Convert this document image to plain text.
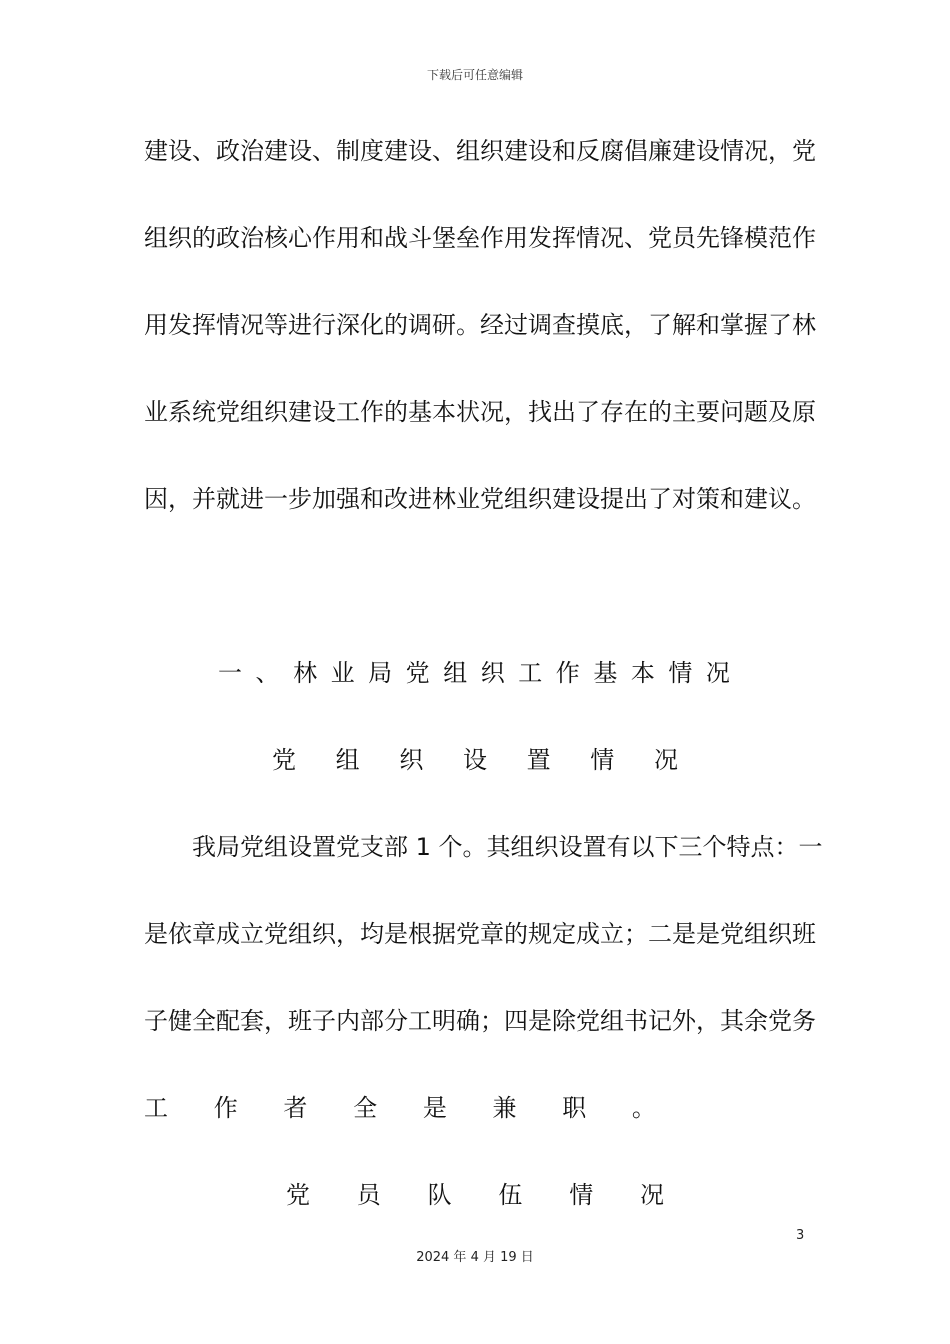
下载后可任意编辑
建设、政治建设、制度建设、组织建设和反腐倡廉建设情况，党
组织的政治核心作用和战斗堡垒作用发挥情况、党员先锋模范作
用发挥情况等进行深化的调研。经过调查摸底，了解和掌握了林
业系统党组织建设工作的基本状况，找出了存在的主要问题及原
因，并就进一步加强和改进林业党组织建设提出了对策和建议。
一 、 林 业 局 党 组 织 工 作 基 本 情 况
党 组 织 设 置 情 况
我局党组设置党支部 1 个。其组织设置有以下三个特点：一
是依章成立党组织，均是根据党章的规定成立；二是是党组织班
子健全配套，班子内部分工明确；四是除党组书记外，其余党务
工 作 者 全 是 兼 职 。
党 员 队 伍 情 况
3
2024 年 4 月 19 日
